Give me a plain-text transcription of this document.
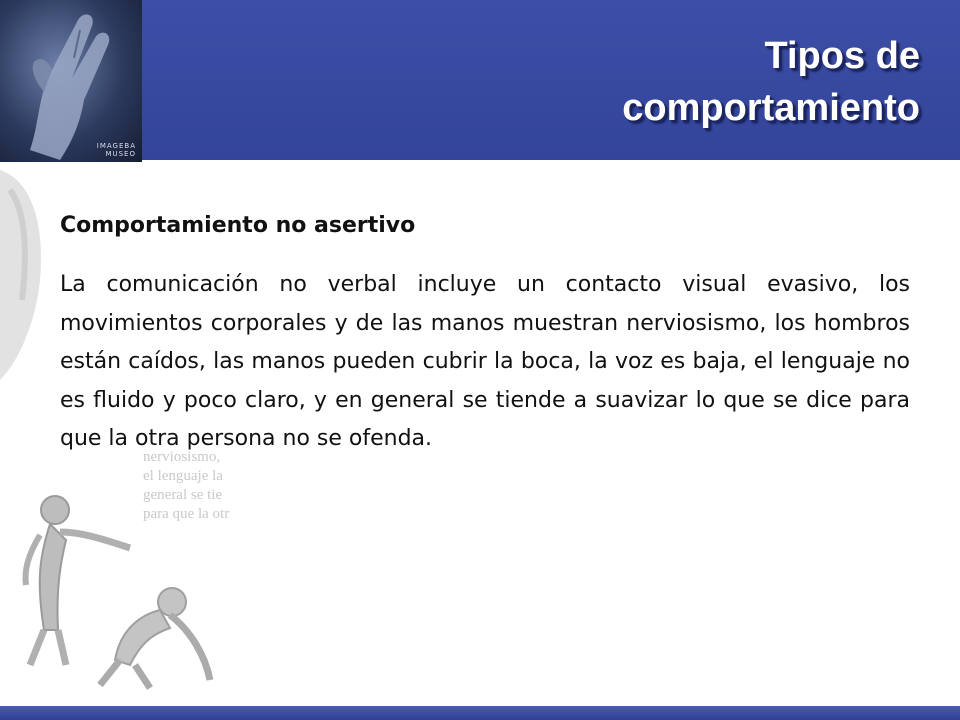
IMAGEBA
MUSEO
Tipos de
comportamiento
nerviosismo,
el lenguaje la
general se tie
para que la otr
Comportamiento no asertivo

La comunicación no verbal incluye un contacto visual evasivo, los movimientos corporales y de las manos muestran nerviosismo, los hombros están caídos, las manos pueden cubrir la boca, la voz es baja, el lenguaje no es fluido y poco claro, y en general se tiende a suavizar lo que se dice para que la otra persona no se ofenda.
